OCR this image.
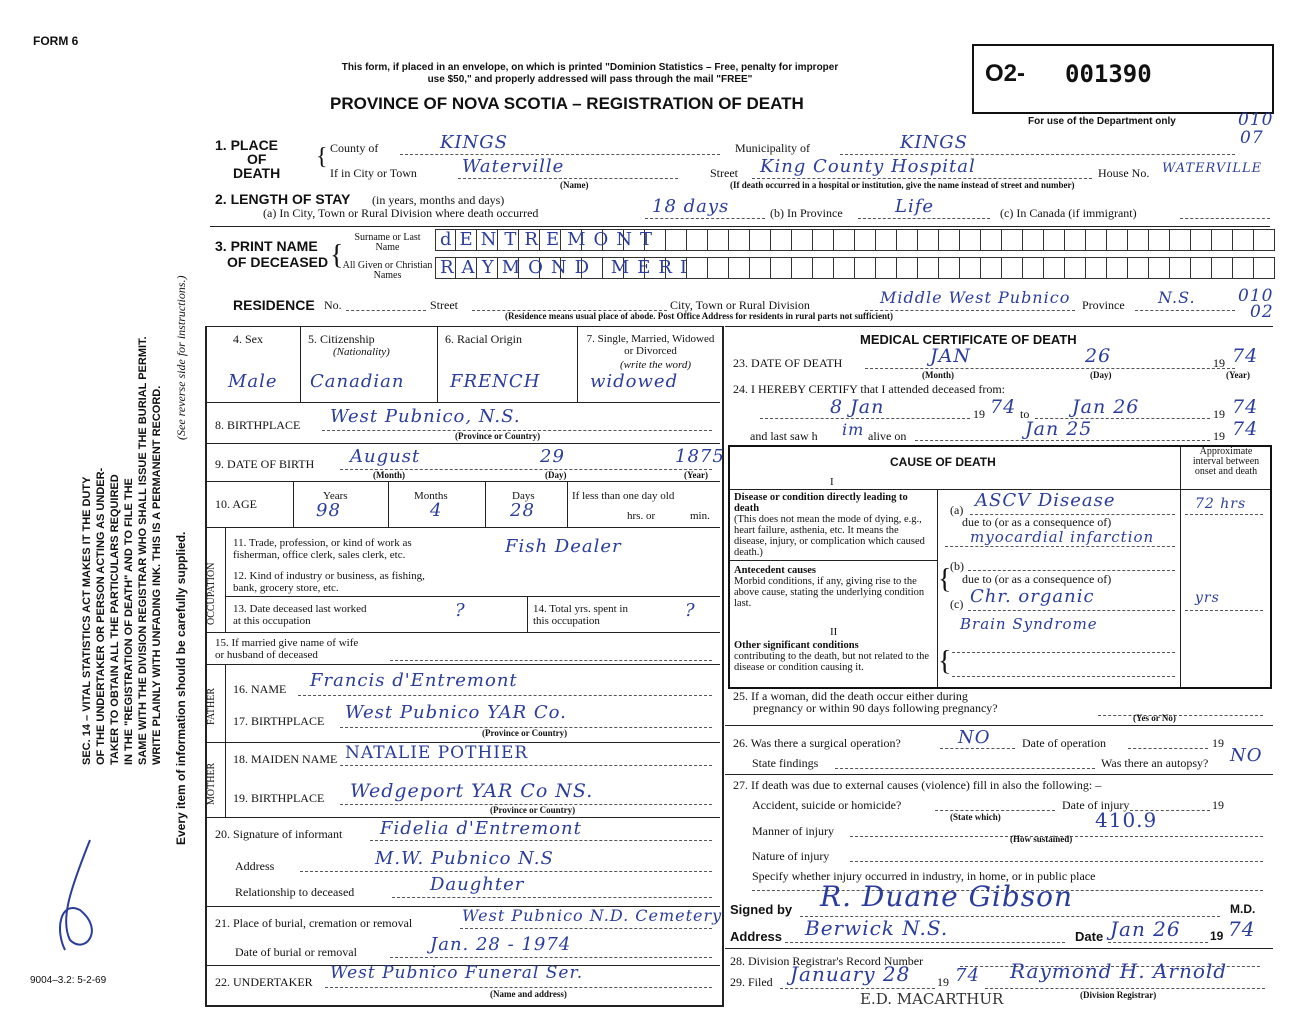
FORM 6
SEC. 14 – VITAL STATISTICS ACT MAKES IT THE DUTY OF THE UNDERTAKER OR PERSON ACTING AS UNDER- TAKER TO OBTAIN ALL THE PARTICULARS REQUIRED IN THE "REGISTRATION OF DEATH" AND TO FILE THE SAME WITH THE DIVISION REGISTRAR WHO SHALL ISSUE THE BURIAL PERMIT. WRITE PLAINLY WITH UNFADING INK. THIS IS A PERMANENT RECORD.
(See reverse side for instructions.)
Every item of information should be carefully supplied.
9004–3.2: 5-2-69
This form, if placed in an envelope, on which is printed "Dominion Statistics – Free, penalty for improper
use $50," and properly addressed will pass through the mail "FREE"
PROVINCE OF NOVA SCOTIA – REGISTRATION OF DEATH
O2- 001390
For use of the Department only	010
07
1. PLACE
OF
DEATH
{ County of	KINGS	Municipality of	KINGS
If in City or Town	Waterville
(Name)
Street King County Hospital	House No. WATERVILLE
(If death occurred in a hospital or institution, give the name instead of street and number)
2. LENGTH OF STAY (in years, months and days)
(a) In City, Town or Rural Division where death occurred	18 days	(b) In Province	Life	(c) In Canada (if immigrant)
3. PRINT NAME
OF DECEASED {
Surname or Last Name
All Given or Christian Names
dENTREMONT
RAYMOND MERI
RESIDENCE No.	Street	City, Town or Rural Division	Middle West Pubnico Province N.S. 010
02
(Residence means usual place of abode. Post Office Address for residents in rural parts not sufficient)
4. Sex
Male
5. Citizenship
(Nationality)
Canadian
6. Racial Origin
FRENCH
7. Single, Married, Widowed or Divorced
(write the word)
widowed
8. BIRTHPLACE West Pubnico, N.S.
(Province or Country)
9. DATE OF BIRTH August	29	1875
(Month)	(Day)	(Year)
10. AGE
Years
98
Months
4
Days
28
If less than one day old
hrs. or	min.
OCCUPATION
11. Trade, profession, or kind of work as
fisherman, office clerk, sales clerk, etc.	Fish Dealer
12. Kind of industry or business, as fishing,
bank, grocery store, etc.
13. Date deceased last worked
at this occupation	?	14. Total yrs. spent in
this occupation	?
15. If married give name of wife
or husband of deceased
FATHER 16. NAME Francis d'Entremont
17. BIRTHPLACE West Pubnico YAR Co.
(Province or Country)
MOTHER
18. MAIDEN NAME NATALIE POTHIER
19. BIRTHPLACE Wedgeport YAR Co NS.
(Province or Country)
20. Signature of informant Fidelia d'Entremont
Address	M.W. Pubnico N.S
Relationship to deceased	Daughter
21. Place of burial, cremation or removal	West Pubnico N.D. Cemetery
Date of burial or removal	Jan. 28 - 1974
22. UNDERTAKER West Pubnico Funeral Ser.
(Name and address)
MEDICAL CERTIFICATE OF DEATH
23. DATE OF DEATH	JAN	26	19 74
(Month)	(Day)	(Year)
24. I HEREBY CERTIFY that I attended deceased from:
8 Jan	19 74 to Jan 26	19 74
and last saw h im alive on	Jan 25	19 74
CAUSE OF DEATH
Approximate interval between onset and death
I
Disease or condition directly leading to death
(This does not mean the mode of dying, e.g., heart failure, asthenia, etc. It means the disease, injury, or complication which caused death.)
(a) ASCV Disease	72 hrs
due to (or as a consequence of)
myocardial infarction
Antecedent causes
Morbid conditions, if any, giving rise to the above cause, stating the underlying condition last.
{
(b)
due to (or as a consequence of)
(c) Chr. organic	yrs
Brain Syndrome
II
Other significant conditions
contributing to the death, but not related to the disease or condition causing it.	{
25. If a woman, did the death occur either during
pregnancy or within 90 days following pregnancy?
(Yes or No)
26. Was there a surgical operation?	NO	Date of operation	19
State findings	Was there an autopsy? NO
27. If death was due to external causes (violence) fill in also the following: –
Accident, suicide or homicide?	Date of injury	19
(State which)	410.9
Manner of injury
(How sustained)
Nature of injury
Specify whether injury occurred in industry, in home, or in public place
Signed by R. Duane Gibson	M.D.
Address Berwick N.S.	Date Jan 26 19 74
28. Division Registrar's Record Number
29. Filed January 28 19 74 Raymond H. Arnold
(Division Registrar)
E.D. MACARTHUR
